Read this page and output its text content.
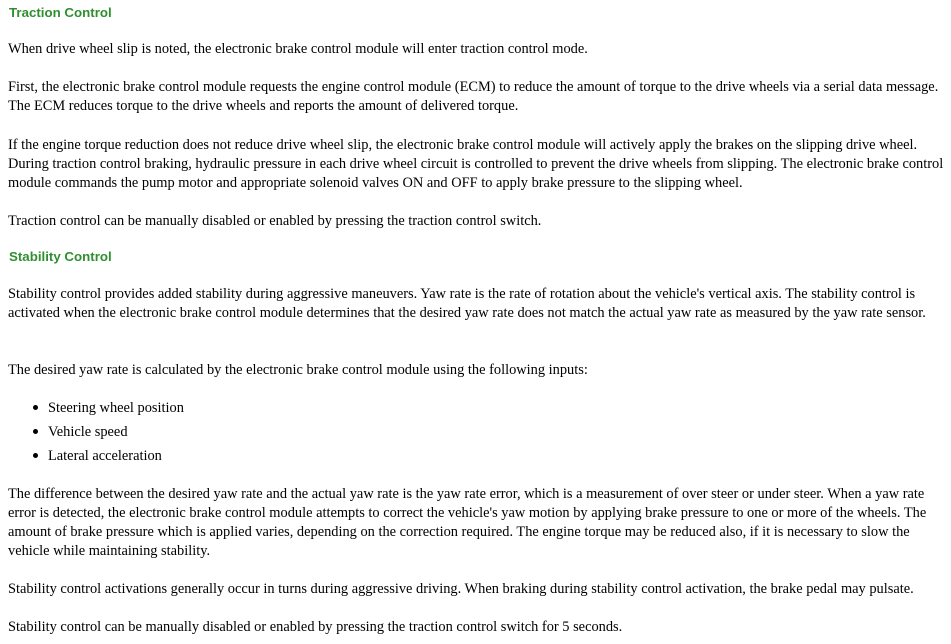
Traction Control

When drive wheel slip is noted, the electronic brake control module will enter traction control mode.

First, the electronic brake control module requests the engine control module (ECM) to reduce the amount of torque to the drive wheels via a serial data message. The ECM reduces torque to the drive wheels and reports the amount of delivered torque.

If the engine torque reduction does not reduce drive wheel slip, the electronic brake control module will actively apply the brakes on the slipping drive wheel. During traction control braking, hydraulic pressure in each drive wheel circuit is controlled to prevent the drive wheels from slipping. The electronic brake control module commands the pump motor and appropriate solenoid valves ON and OFF to apply brake pressure to the slipping wheel.

Traction control can be manually disabled or enabled by pressing the traction control switch.

Stability Control

Stability control provides added stability during aggressive maneuvers. Yaw rate is the rate of rotation about the vehicle's vertical axis. The stability control is activated when the electronic brake control module determines that the desired yaw rate does not match the actual yaw rate as measured by the yaw rate sensor.

The desired yaw rate is calculated by the electronic brake control module using the following inputs:

Steering wheel position
Vehicle speed
Lateral acceleration

The difference between the desired yaw rate and the actual yaw rate is the yaw rate error, which is a measurement of over steer or under steer. When a yaw rate error is detected, the electronic brake control module attempts to correct the vehicle's yaw motion by applying brake pressure to one or more of the wheels. The amount of brake pressure which is applied varies, depending on the correction required. The engine torque may be reduced also, if it is necessary to slow the vehicle while maintaining stability.

Stability control activations generally occur in turns during aggressive driving. When braking during stability control activation, the brake pedal may pulsate.

Stability control can be manually disabled or enabled by pressing the traction control switch for 5 seconds.
